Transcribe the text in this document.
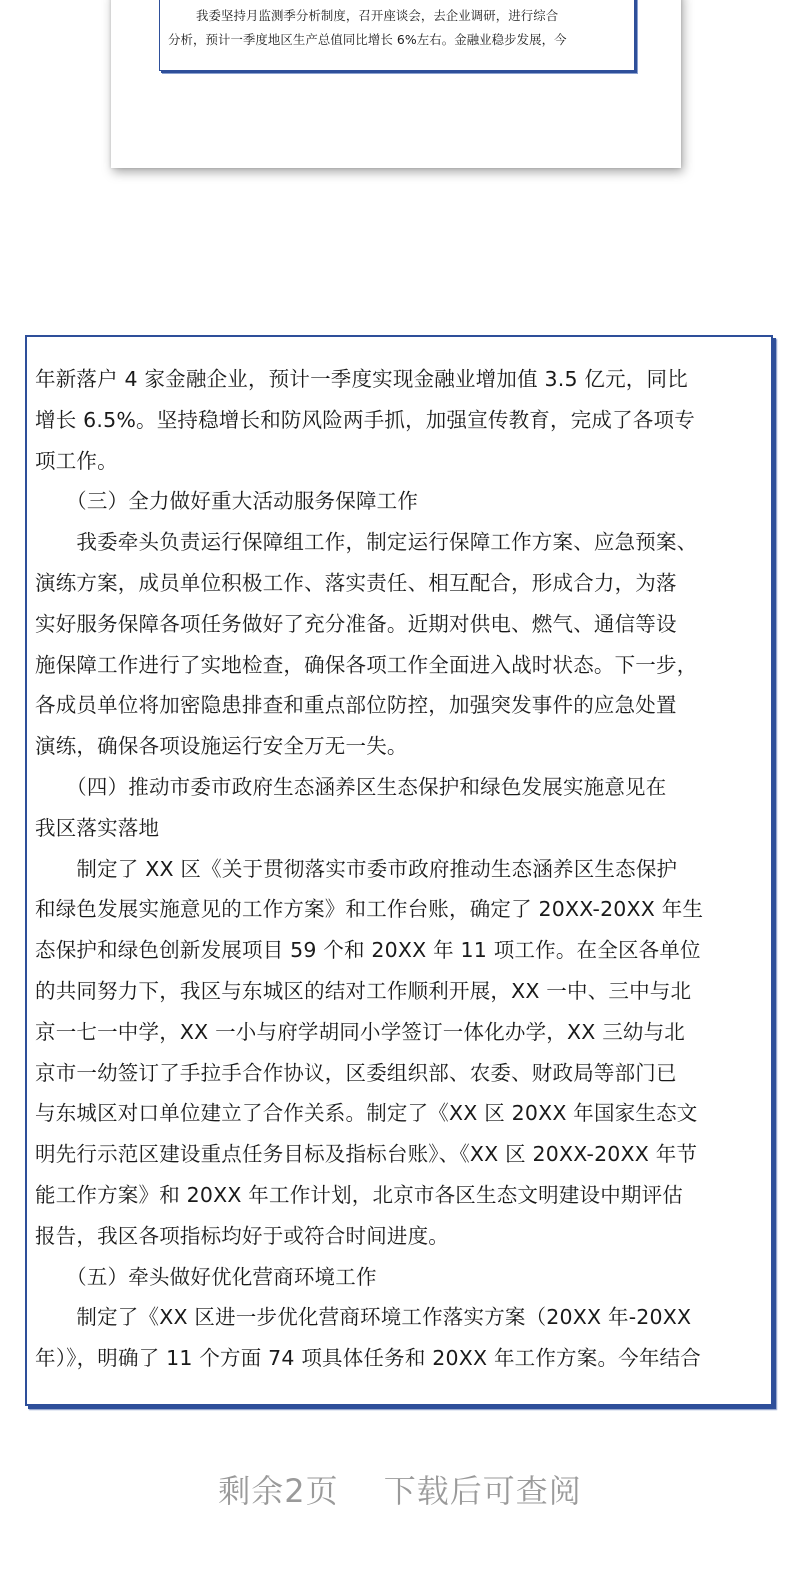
我委坚持月监测季分析制度，召开座谈会，去企业调研，进行综合

分析，预计一季度地区生产总值同比增长 6%左右。金融业稳步发展，今

年新落户 4 家金融企业，预计一季度实现金融业增加值 3.5 亿元，同比

增长 6.5%。坚持稳增长和防风险两手抓，加强宣传教育，完成了各项专

项工作。

　　（三）全力做好重大活动服务保障工作

　　我委牵头负责运行保障组工作，制定运行保障工作方案、应急预案、

演练方案，成员单位积极工作、落实责任、相互配合，形成合力，为落

实好服务保障各项任务做好了充分准备。近期对供电、燃气、通信等设

施保障工作进行了实地检查，确保各项工作全面进入战时状态。下一步，

各成员单位将加密隐患排查和重点部位防控，加强突发事件的应急处置

演练，确保各项设施运行安全万无一失。

　　（四）推动市委市政府生态涵养区生态保护和绿色发展实施意见在

我区落实落地

　　制定了 XX 区《关于贯彻落实市委市政府推动生态涵养区生态保护

和绿色发展实施意见的工作方案》和工作台账，确定了 20XX-20XX 年生

态保护和绿色创新发展项目 59 个和 20XX 年 11 项工作。在全区各单位

的共同努力下，我区与东城区的结对工作顺利开展，XX 一中、三中与北

京一七一中学，XX 一小与府学胡同小学签订一体化办学，XX 三幼与北

京市一幼签订了手拉手合作协议，区委组织部、农委、财政局等部门已

与东城区对口单位建立了合作关系。制定了《XX 区 20XX 年国家生态文

明先行示范区建设重点任务目标及指标台账》、《XX 区 20XX-20XX 年节

能工作方案》和 20XX 年工作计划，北京市各区生态文明建设中期评估

报告，我区各项指标均好于或符合时间进度。

　　（五）牵头做好优化营商环境工作

　　制定了《XX 区进一步优化营商环境工作落实方案（20XX 年-20XX

年）》，明确了 11 个方面 74 项具体任务和 20XX 年工作方案。今年结合

剩余2页 下载后可查阅
